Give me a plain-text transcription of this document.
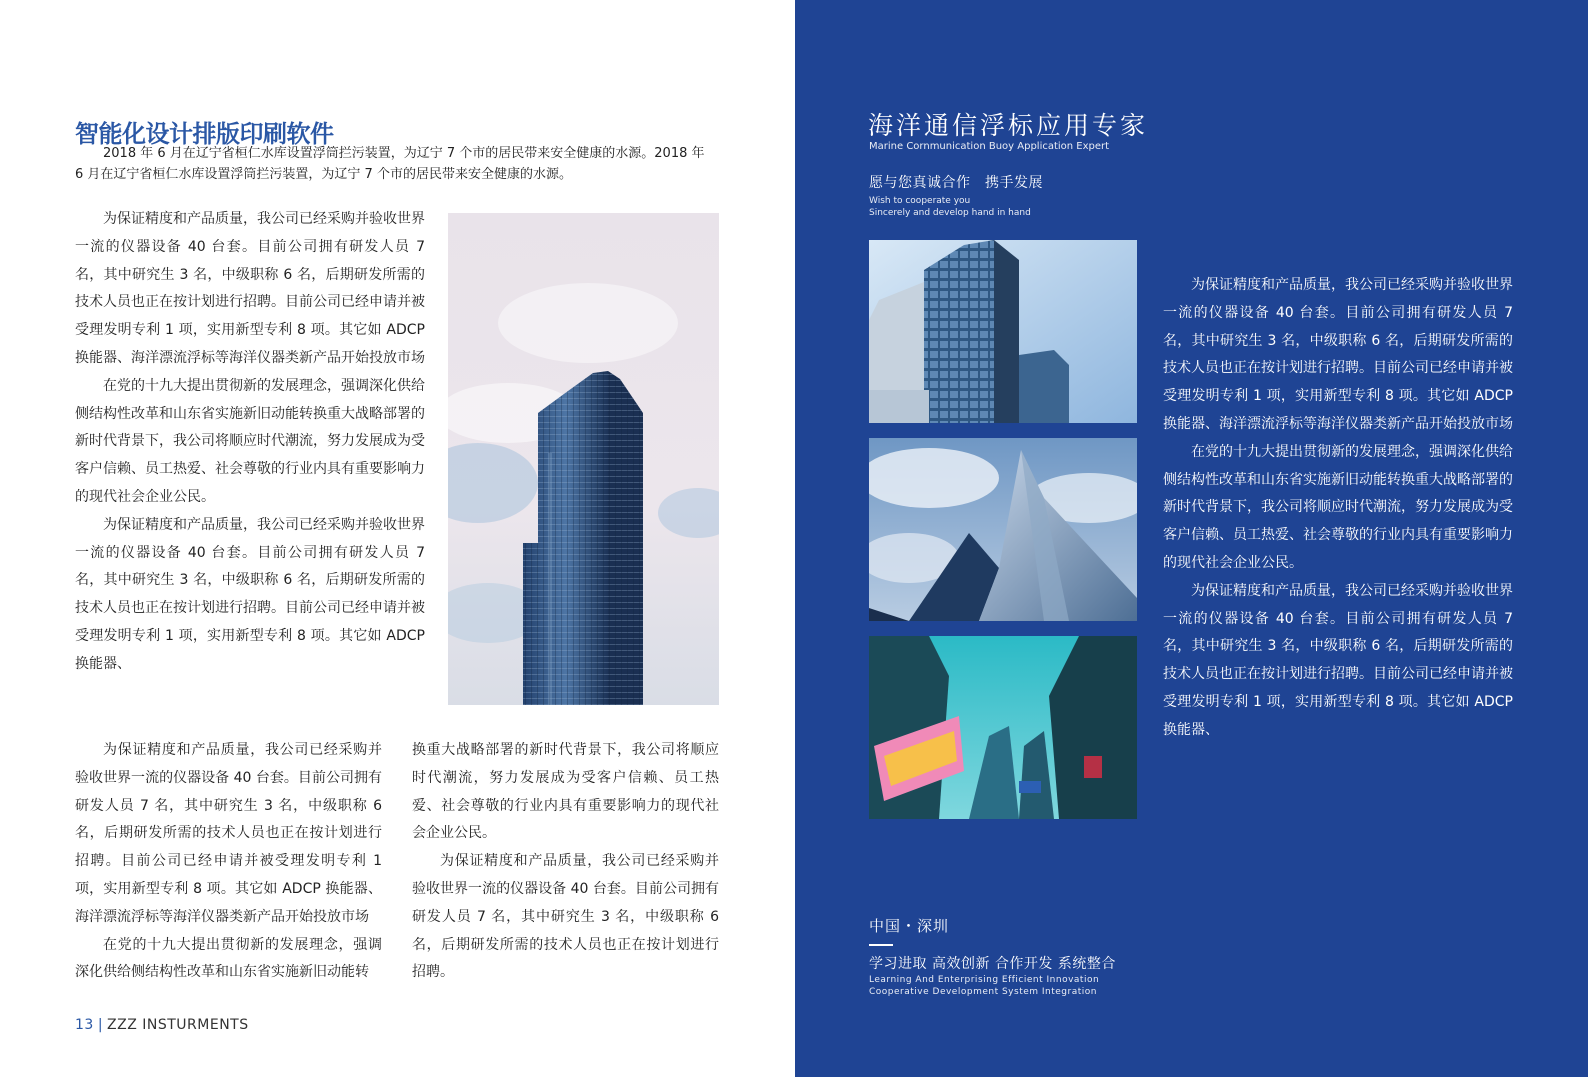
智能化设计排版印刷软件

2018 年 6 月在辽宁省桓仁水库设置浮筒拦污装置，为辽宁 7 个市的居民带来安全健康的水源。2018 年 6 月在辽宁省桓仁水库设置浮筒拦污装置，为辽宁 7 个市的居民带来安全健康的水源。

为保证精度和产品质量，我公司已经采购并验收世界一流的仪器设备 40 台套。目前公司拥有研发人员 7 名，其中研究生 3 名，中级职称 6 名，后期研发所需的技术人员也正在按计划进行招聘。目前公司已经申请并被受理发明专利 1 项，实用新型专利 8 项。其它如 ADCP 换能器、海洋漂流浮标等海洋仪器类新产品开始投放市场

在党的十九大提出贯彻新的发展理念，强调深化供给侧结构性改革和山东省实施新旧动能转换重大战略部署的新时代背景下，我公司将顺应时代潮流，努力发展成为受客户信赖、员工热爱、社会尊敬的行业内具有重要影响力的现代社会企业公民。

为保证精度和产品质量，我公司已经采购并验收世界一流的仪器设备 40 台套。目前公司拥有研发人员 7 名，其中研究生 3 名，中级职称 6 名，后期研发所需的技术人员也正在按计划进行招聘。目前公司已经申请并被受理发明专利 1 项，实用新型专利 8 项。其它如 ADCP 换能器、

为保证精度和产品质量，我公司已经采购并验收世界一流的仪器设备 40 台套。目前公司拥有研发人员 7 名，其中研究生 3 名，中级职称 6 名，后期研发所需的技术人员也正在按计划进行招聘。目前公司已经申请并被受理发明专利 1 项，实用新型专利 8 项。其它如 ADCP 换能器、海洋漂流浮标等海洋仪器类新产品开始投放市场

在党的十九大提出贯彻新的发展理念，强调深化供给侧结构性改革和山东省实施新旧动能转

换重大战略部署的新时代背景下，我公司将顺应时代潮流，努力发展成为受客户信赖、员工热爱、社会尊敬的行业内具有重要影响力的现代社会企业公民。

为保证精度和产品质量，我公司已经采购并验收世界一流的仪器设备 40 台套。目前公司拥有研发人员 7 名，其中研究生 3 名，中级职称 6 名，后期研发所需的技术人员也正在按计划进行招聘。

13 | ZZZ INSTURMENTS
海洋通信浮标应用专家
Marine Cornmunication Buoy Application Expert
愿与您真诚合作　携手发展
Wish to cooperate you
Sincerely and develop hand in hand

为保证精度和产品质量，我公司已经采购并验收世界一流的仪器设备 40 台套。目前公司拥有研发人员 7 名，其中研究生 3 名，中级职称 6 名，后期研发所需的技术人员也正在按计划进行招聘。目前公司已经申请并被受理发明专利 1 项，实用新型专利 8 项。其它如 ADCP 换能器、海洋漂流浮标等海洋仪器类新产品开始投放市场

在党的十九大提出贯彻新的发展理念，强调深化供给侧结构性改革和山东省实施新旧动能转换重大战略部署的新时代背景下，我公司将顺应时代潮流，努力发展成为受客户信赖、员工热爱、社会尊敬的行业内具有重要影响力的现代社会企业公民。

为保证精度和产品质量，我公司已经采购并验收世界一流的仪器设备 40 台套。目前公司拥有研发人员 7 名，其中研究生 3 名，中级职称 6 名，后期研发所需的技术人员也正在按计划进行招聘。目前公司已经申请并被受理发明专利 1 项，实用新型专利 8 项。其它如 ADCP 换能器、

中国・深圳
学习进取 高效创新 合作开发 系统整合
Learning And Enterprising Efficient Innovation
Cooperative Development System Integration
